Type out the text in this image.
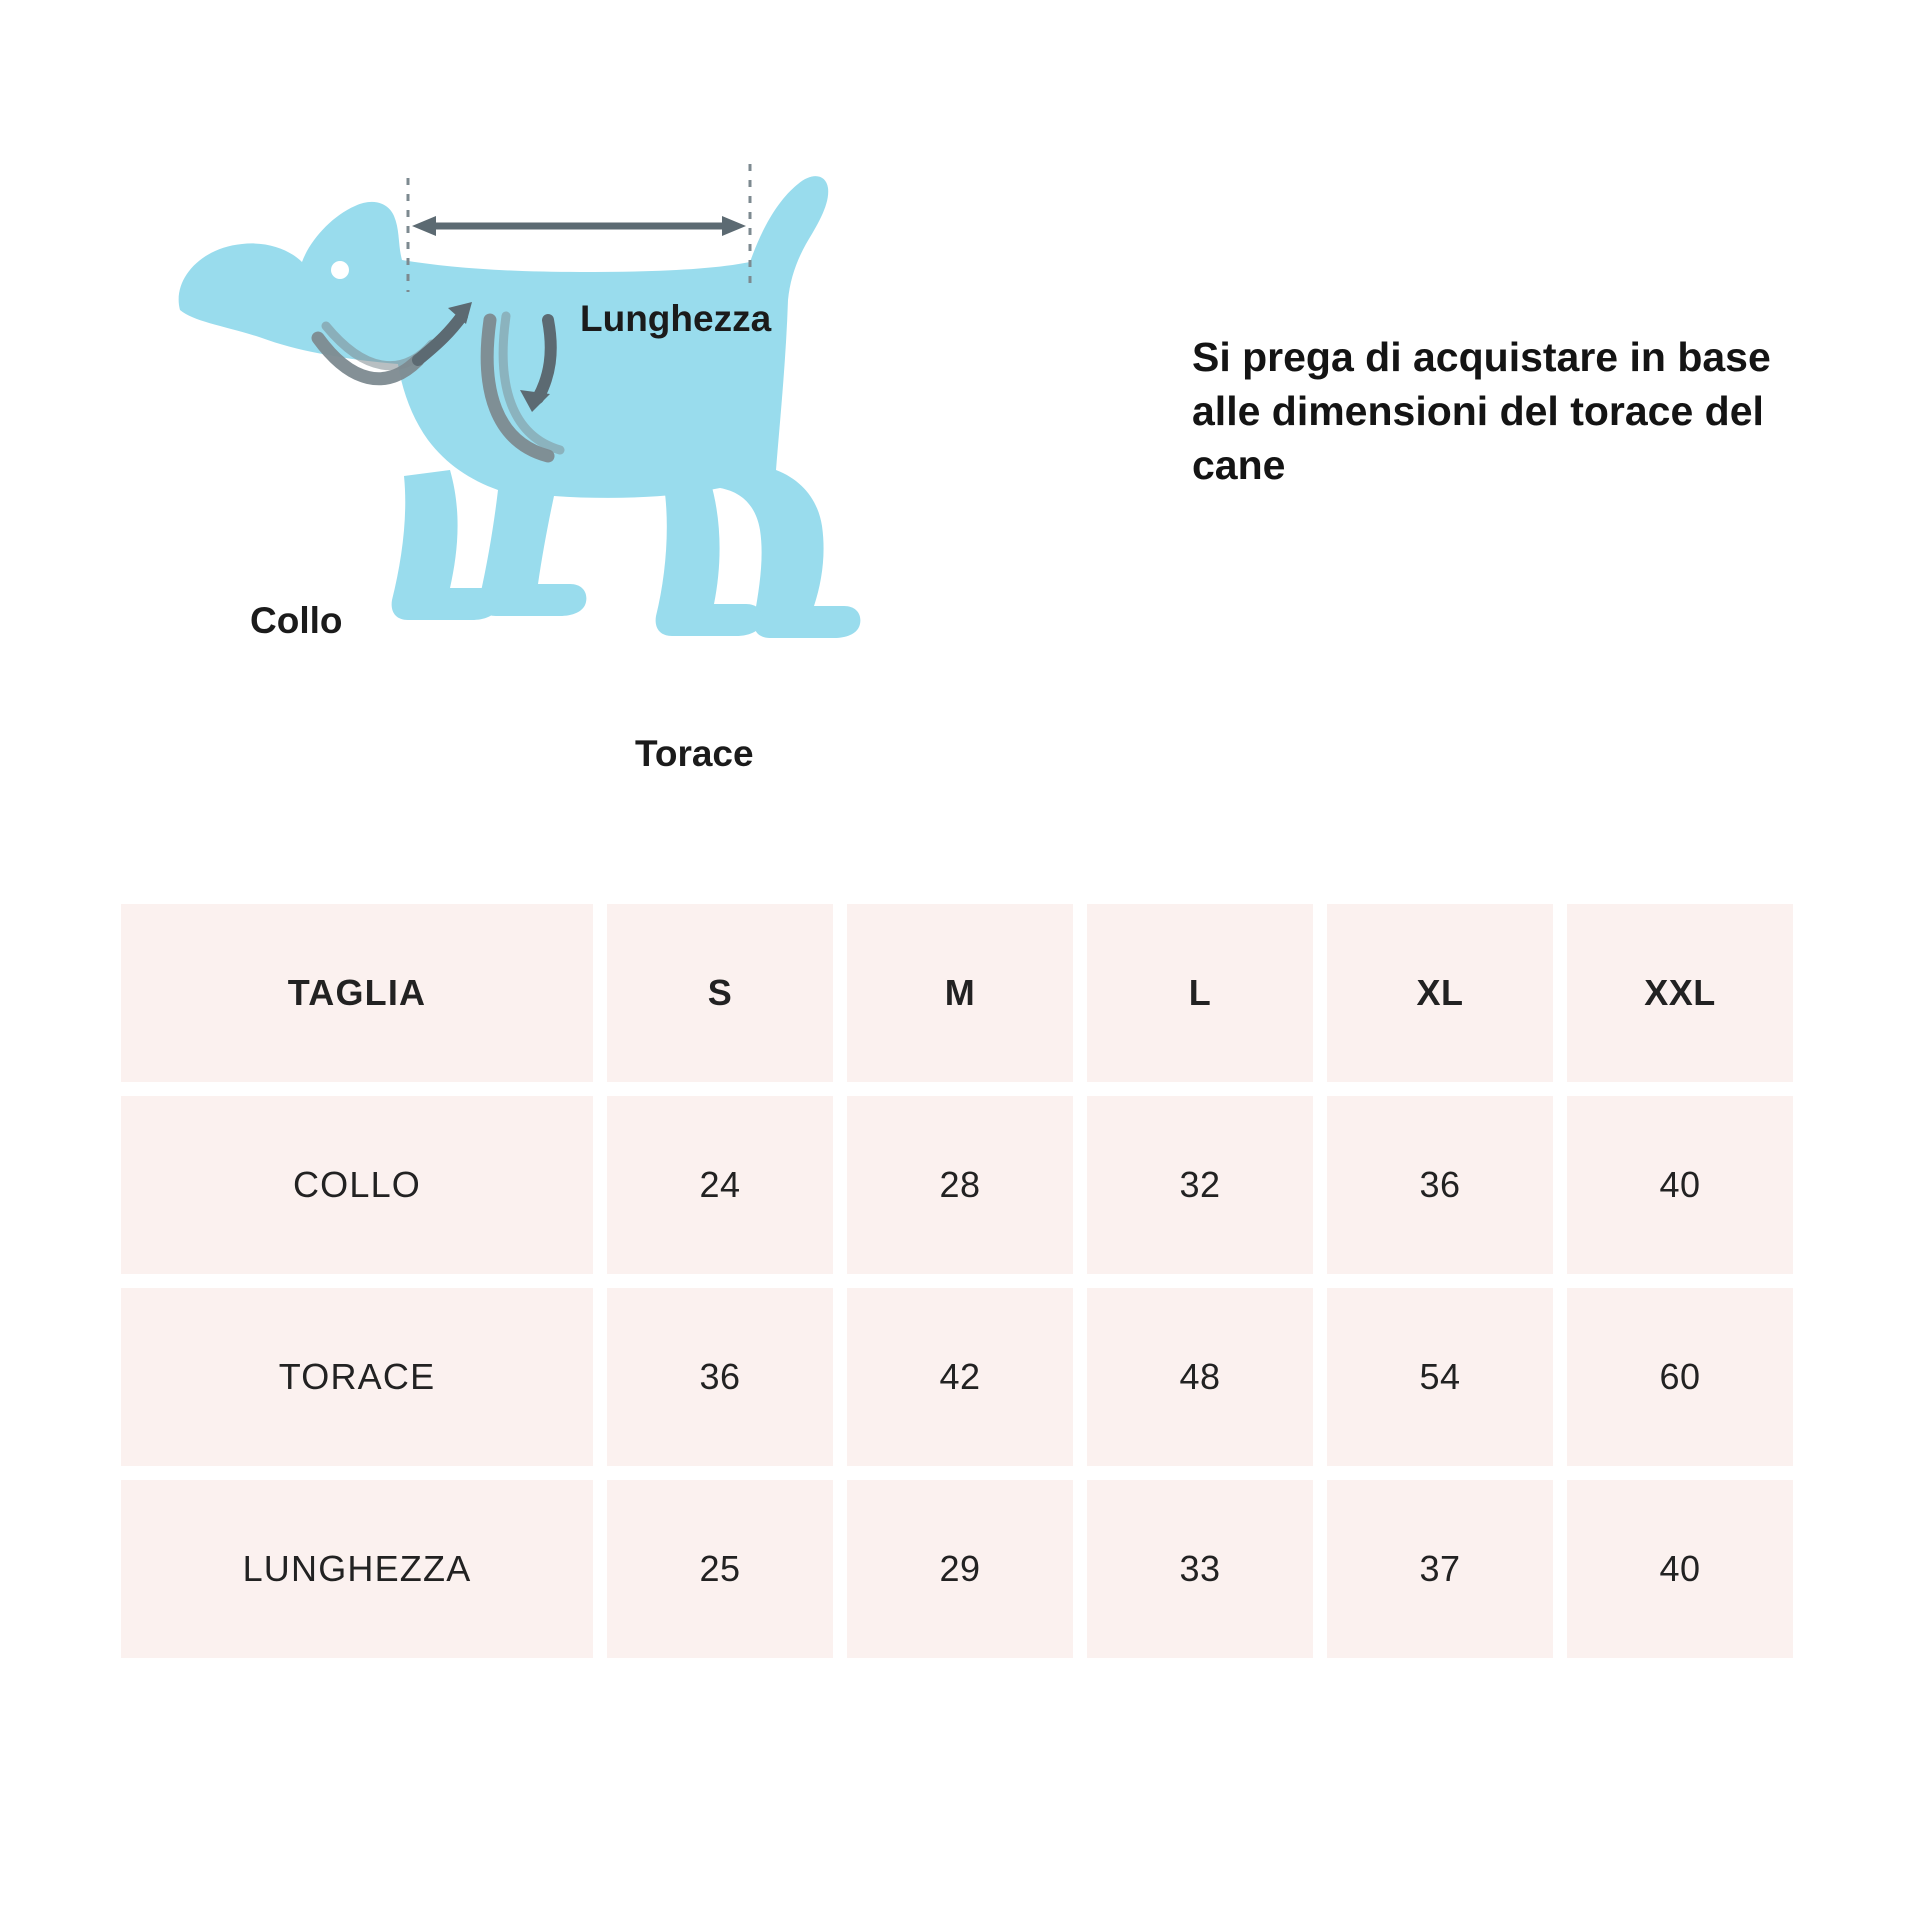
Lunghezza
Collo
Torace
Si prega di acquistare in base alle dimensioni del torace del cane
TAGLIA	S	M	L	XL	XXL
COLLO	24	28	32	36	40
TORACE	36	42	48	54	60
LUNGHEZZA	25	29	33	37	40
